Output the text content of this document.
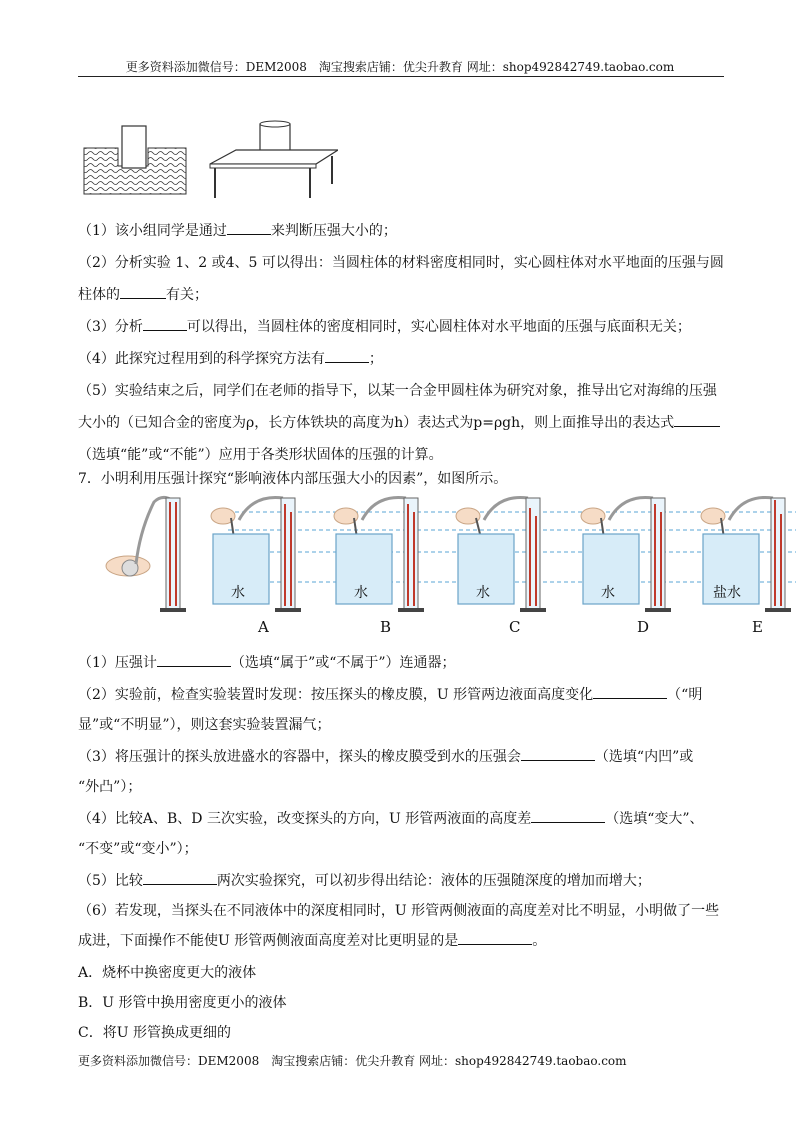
更多资料添加微信号：DEM2008　淘宝搜索店铺：优尖升教育 网址：shop492842749.taobao.com
（1）该小组同学是通过	来判断压强大小的；
（2）分析实验 1、2 或4、5 可以得出：当圆柱体的材料密度相同时，实心圆柱体对水平地面的压强与圆
柱体的	有关；
（3）分析	可以得出，当圆柱体的密度相同时，实心圆柱体对水平地面的压强与底面积无关；
（4）此探究过程用到的科学探究方法有	；
（5）实验结束之后，同学们在老师的指导下，以某一合金甲圆柱体为研究对象，推导出它对海绵的压强
大小的（已知合金的密度为ρ，长方体铁块的高度为h）表达式为p=ρgh，则上面推导出的表达式
（选填“能”或“不能”）应用于各类形状固体的压强的计算。
7．小明利用压强计探究“影响液体内部压强大小的因素”，如图所示。
水	水	水	水	盐水
A	B	C	D	E
（1）压强计	（选填“属于”或“不属于”）连通器；
（2）实验前，检查实验装置时发现：按压探头的橡皮膜，U 形管两边液面高度变化	（“明
显”或“不明显”），则这套实验装置漏气；
（3）将压强计的探头放进盛水的容器中，探头的橡皮膜受到水的压强会	（选填“内凹”或
“外凸”）；
（4）比较A、B、D 三次实验，改变探头的方向，U 形管两液面的高度差	（选填“变大”、
“不变”或“变小”）；
（5）比较	两次实验探究，可以初步得出结论：液体的压强随深度的增加而增大；
（6）若发现，当探头在不同液体中的深度相同时，U 形管两侧液面的高度差对比不明显，小明做了一些
成进，下面操作不能使U 形管两侧液面高度差对比更明显的是	。
A．烧杯中换密度更大的液体
B．U 形管中换用密度更小的液体
C．将U 形管换成更细的
更多资料添加微信号：DEM2008　淘宝搜索店铺：优尖升教育 网址：shop492842749.taobao.com
